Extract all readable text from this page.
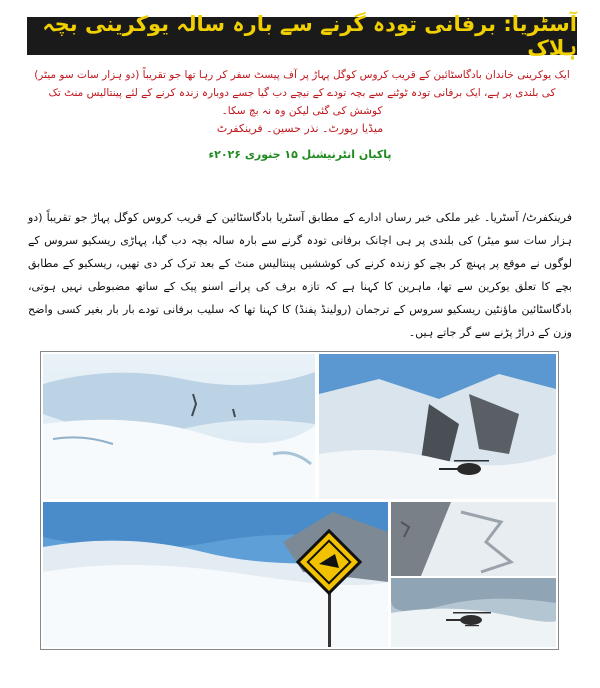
آسٹریا: برفانی تودہ گرنے سے بارہ سالہ یوکرینی بچہ ہلاک
ایک یوکرینی خاندان بادگاسٹائین کے قریب کروس کوگل پہاڑ پر آف پیسٹ سفر کر رہا تھا جو تقریباً (دو ہزار سات سو میٹر) کی بلندی پر ہے، ایک برفانی تودہ ٹوٹنے سے بچہ تودے کے نیچے دب گیا جسے دوبارہ زندہ کرنے کے لئے پینتالیس منٹ تک کوشش کی گئی لیکن وہ نہ بچ سکا۔
میڈیا رپورٹ۔ نذر حسین۔ فرینکفرٹ
پاکبان انٹرنیشنل ۱۵ جنوری ۲۰۲۶ء
فرینکفرٹ/ آسٹریا۔ غیر ملکی خبر رساں ادارے کے مطابق آسٹریا بادگاسٹائین کے قریب کروس کوگل پہاڑ جو تقریباً (دو ہزار سات سو میٹر) کی بلندی پر ہی اچانک برفانی تودہ گرنے سے بارہ سالہ بچہ دب گیا، پہاڑی ریسکیو سروس کے لوگوں نے موقع پر پہنچ کر بچے کو زندہ کرنے کی کوششیں پینتالیس منٹ کے بعد ترک کر دی تھیں، ریسکیو کے مطابق بچے کا تعلق یوکرین سے تھا، ماہرین کا کہنا ہے کہ تازہ برف کی پرانے اسنو پیک کے ساتھ مضبوطی نہیں ہوتی، بادگاسٹائین ماؤنٹین ریسکیو سروس کے ترجمان (رولینڈ پفنڈ) کا کہنا تھا کہ سلیب برفانی تودے بار بار بغیر کسی واضح وزن کے دراڑ پڑنے سے گر جاتے ہیں۔
